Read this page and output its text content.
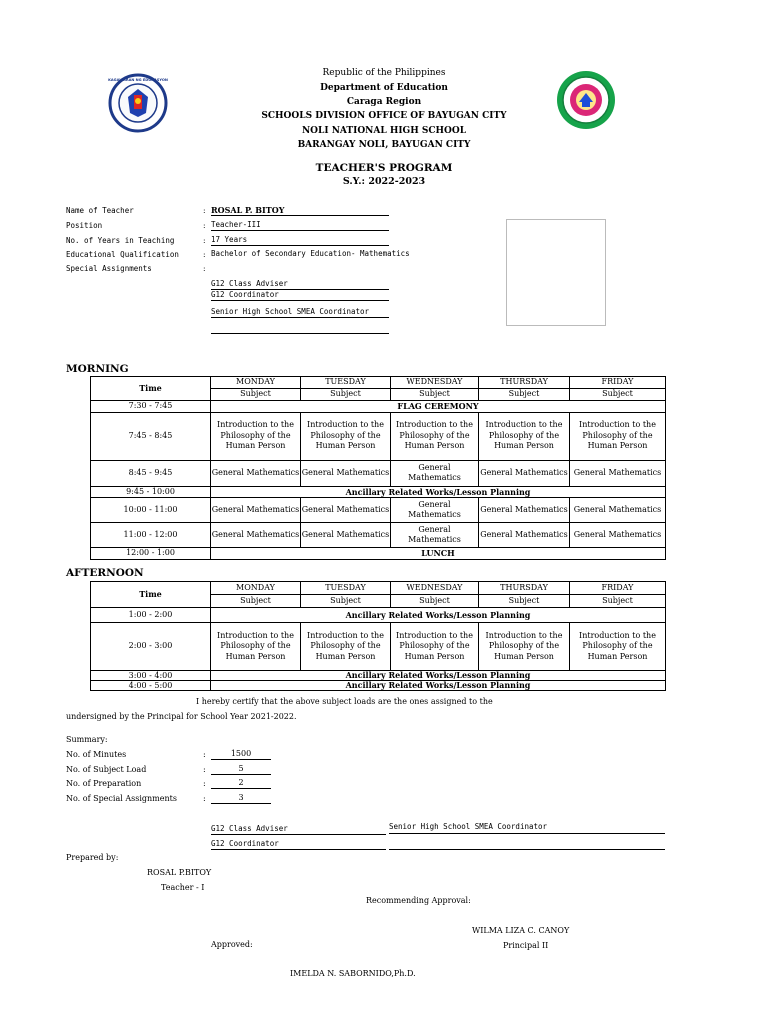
KAGAWARAN NG EDUKASYON
Republic of the Philippines
Department of Education
Caraga Region
SCHOOLS DIVISION OFFICE OF BAYUGAN CITY
NOLI NATIONAL HIGH SCHOOL
BARANGAY NOLI, BAYUGAN CITY
TEACHER'S PROGRAM
S.Y.: 2022-2023
Name of Teacher	: ROSAL P. BITOY
Position	: Teacher-III
No. of Years in Teaching	: 17 Years
Educational Qualification	: Bachelor of Secondary Education- Mathematics
Special Assignments	:
G12 Class Adviser
G12 Coordinator
Senior High School SMEA Coordinator
MORNING
Time	MONDAY	TUESDAY	WEDNESDAY	THURSDAY	FRIDAY
	Subject	Subject	Subject	Subject	Subject
7:30 - 7:45	FLAG CEREMONY				
7:45 - 8:45	Introduction to the Philosophy of the Human Person	Introduction to the Philosophy of the Human Person	Introduction to the Philosophy of the Human Person	Introduction to the Philosophy of the Human Person	Introduction to the Philosophy of the Human Person
8:45 - 9:45	General Mathematics	General Mathematics	General Mathematics	General Mathematics	General Mathematics
9:45 - 10:00	Ancillary Related Works/Lesson Planning				
10:00 - 11:00	General Mathematics	General Mathematics	General Mathematics	General Mathematics	General Mathematics
11:00 - 12:00	General Mathematics	General Mathematics	General Mathematics	General Mathematics	General Mathematics
12:00 - 1:00	LUNCH				
AFTERNOON
Time	MONDAY	TUESDAY	WEDNESDAY	THURSDAY	FRIDAY
	Subject	Subject	Subject	Subject	Subject
1:00 - 2:00	Ancillary Related Works/Lesson Planning				
2:00 - 3:00	Introduction to the Philosophy of the Human Person	Introduction to the Philosophy of the Human Person	Introduction to the Philosophy of the Human Person	Introduction to the Philosophy of the Human Person	Introduction to the Philosophy of the Human Person
3:00 - 4:00	Ancillary Related Works/Lesson Planning				
4:00 - 5:00	Ancillary Related Works/Lesson Planning				
I hereby certify that the above subject loads are the ones assigned to the
undersigned by the Principal for School Year 2021-2022.
Summary:
No. of Minutes	:	1500
No. of Subject Load	:	5
No. of Preparation	:	2
No. of Special Assignments	:	3
G12 Class Adviser
G12 Coordinator
Senior High School SMEA Coordinator
Prepared by:
ROSAL P.BITOY
Teacher - I
Recommending Approval:
WILMA LIZA C. CANOY
Principal II
Approved:
IMELDA N. SABORNIDO,Ph.D.
